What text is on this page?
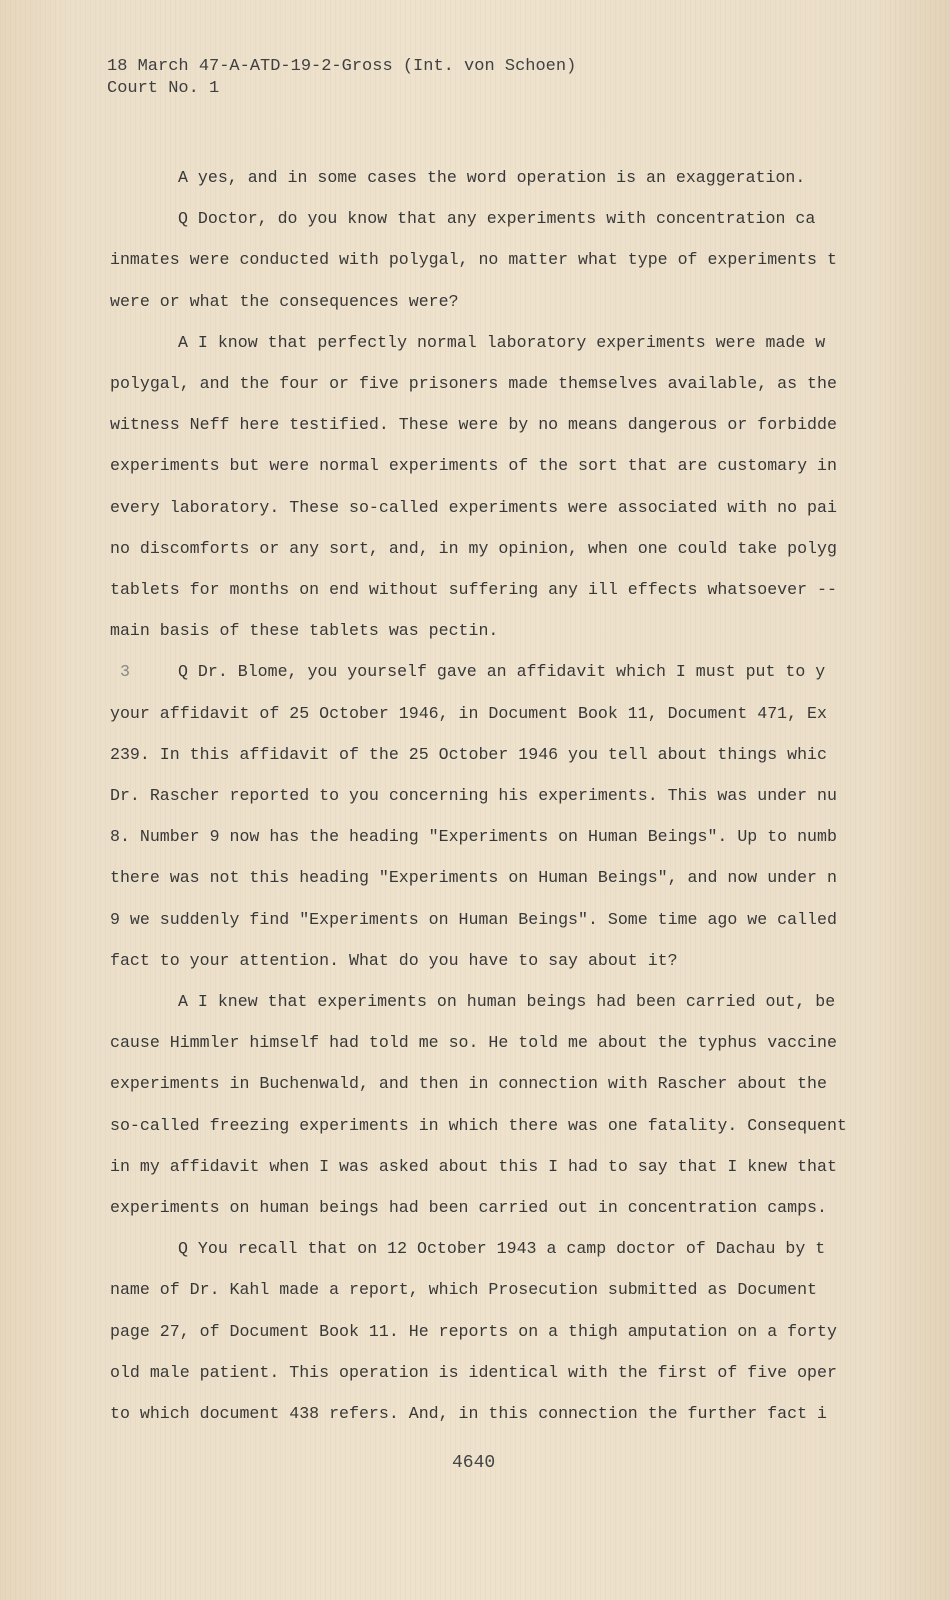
18 March 47-A-ATD-19-2-Gross (Int. von Schoen)
Court No. 1
A yes, and in some cases the word operation is an exaggeration.
Q Doctor, do you know that any experiments with concentration ca
inmates were conducted with polygal, no matter what type of experiments t
were or what the consequences were?
A I know that perfectly normal laboratory experiments were made w
polygal, and the four or five prisoners made themselves available, as the
witness Neff here testified. These were by no means dangerous or forbidde
experiments but were normal experiments of the sort that are customary in
every laboratory. These so-called experiments were associated with no pai
no discomforts or any sort, and, in my opinion, when one could take polyg
tablets for months on end without suffering any ill effects whatsoever --
main basis of these tablets was pectin.
3	Q Dr. Blome, you yourself gave an affidavit which I must put to y
your affidavit of 25 October 1946, in Document Book 11, Document 471, Ex
239. In this affidavit of the 25 October 1946 you tell about things whic
Dr. Rascher reported to you concerning his experiments. This was under nu
8. Number 9 now has the heading "Experiments on Human Beings". Up to numb
there was not this heading "Experiments on Human Beings", and now under n
9 we suddenly find "Experiments on Human Beings". Some time ago we called
fact to your attention. What do you have to say about it?
A I knew that experiments on human beings had been carried out, be
cause Himmler himself had told me so. He told me about the typhus vaccine
experiments in Buchenwald, and then in connection with Rascher about the
so-called freezing experiments in which there was one fatality. Consequent
in my affidavit when I was asked about this I had to say that I knew that
experiments on human beings had been carried out in concentration camps.
Q You recall that on 12 October 1943 a camp doctor of Dachau by t
name of Dr. Kahl made a report, which Prosecution submitted as Document
page 27, of Document Book 11. He reports on a thigh amputation on a forty
old male patient. This operation is identical with the first of five oper
to which document 438 refers. And, in this connection the further fact i
4640
